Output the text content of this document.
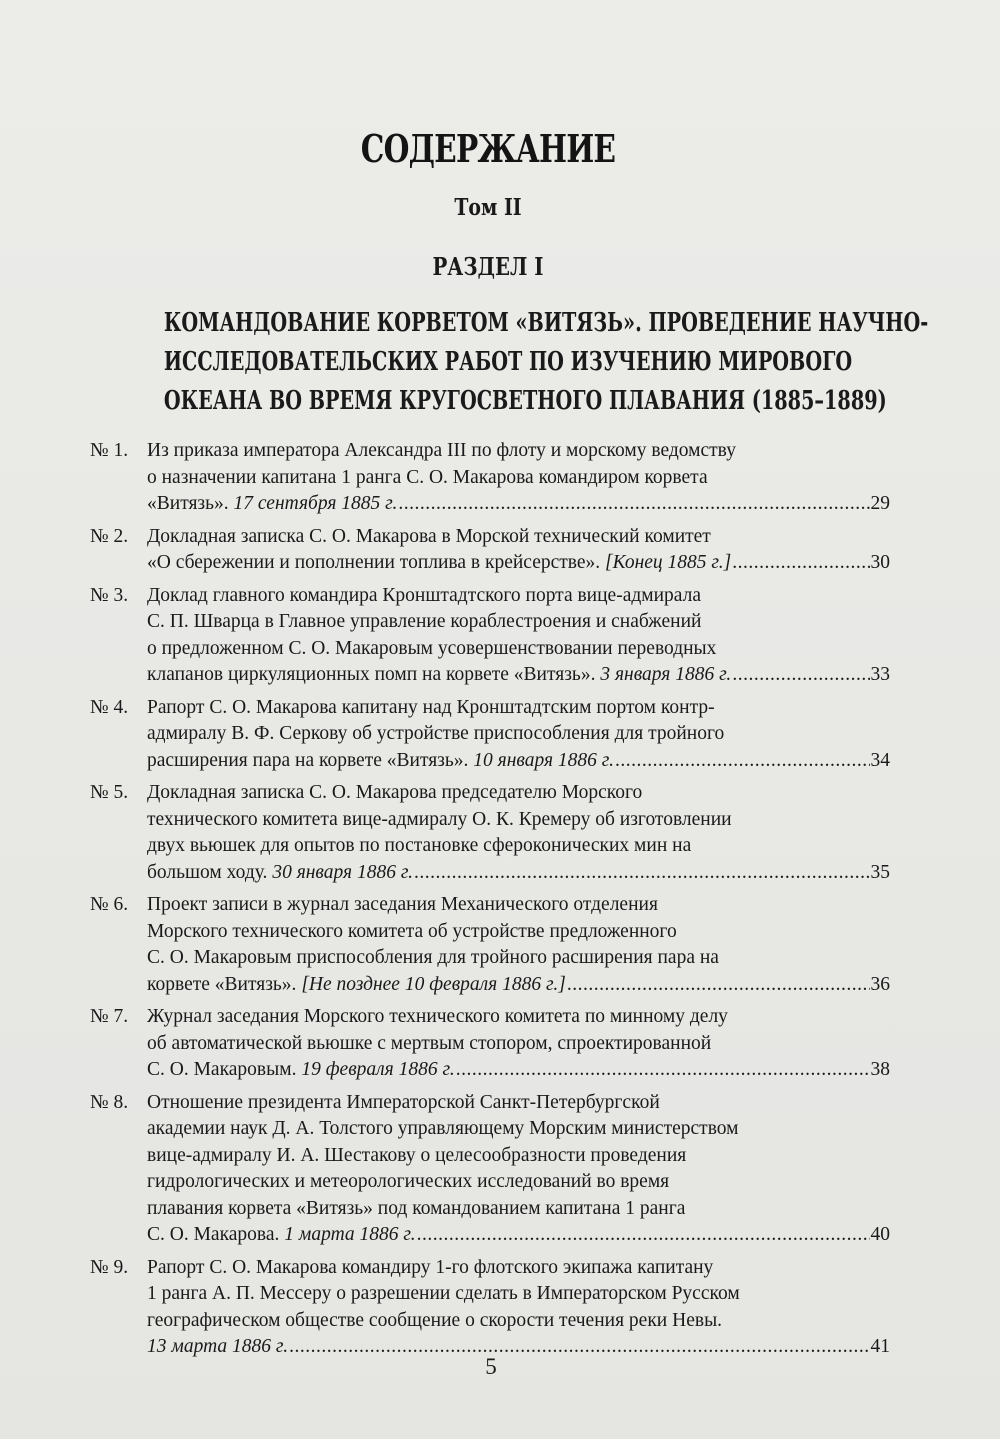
СОДЕРЖАНИЕ
Том II
РАЗДЕЛ I
КОМАНДОВАНИЕ КОРВЕТОМ «ВИТЯЗЬ». ПРОВЕДЕНИЕ НАУЧНО-
ИССЛЕДОВАТЕЛЬСКИХ РАБОТ ПО ИЗУЧЕНИЮ МИРОВОГО
ОКЕАНА ВО ВРЕМЯ КРУГОСВЕТНОГО ПЛАВАНИЯ (1885–1889)
№ 1. Из приказа императора Александра III по флоту и морскому ведомству
о назначении капитана 1 ранга С. О. Макарова командиром корвета
«Витязь». 17 сентября 1885 г. .....	29
№ 2. Докладная записка С. О. Макарова в Морской технический комитет
«О сбережении и пополнении топлива в крейсерстве». [Конец 1885 г.] .....	30
№ 3. Доклад главного командира Кронштадтского порта вице-адмирала
С. П. Шварца в Главное управление кораблестроения и снабжений
о предложенном С. О. Макаровым усовершенствовании переводных
клапанов циркуляционных помп на корвете «Витязь». 3 января 1886 г. .....	33
№ 4. Рапорт С. О. Макарова капитану над Кронштадтским портом контр-
адмиралу В. Ф. Серкову об устройстве приспособления для тройного
расширения пара на корвете «Витязь». 10 января 1886 г. .....	34
№ 5. Докладная записка С. О. Макарова председателю Морского
технического комитета вице-адмиралу О. К. Кремеру об изготовлении
двух вьюшек для опытов по постановке сфероконических мин на
большом ходу. 30 января 1886 г. .....	35
№ 6. Проект записи в журнал заседания Механического отделения
Морского технического комитета об устройстве предложенного
С. О. Макаровым приспособления для тройного расширения пара на
корвете «Витязь». [Не позднее 10 февраля 1886 г.] .....	36
№ 7. Журнал заседания Морского технического комитета по минному делу
об автоматической вьюшке с мертвым стопором, спроектированной
С. О. Макаровым. 19 февраля 1886 г. .....	38
№ 8. Отношение президента Императорской Санкт-Петербургской
академии наук Д. А. Толстого управляющему Морским министерством
вице-адмиралу И. А. Шестакову о целесообразности проведения
гидрологических и метеорологических исследований во время
плавания корвета «Витязь» под командованием капитана 1 ранга
С. О. Макарова. 1 марта 1886 г. .....	40
№ 9. Рапорт С. О. Макарова командиру 1-го флотского экипажа капитану
1 ранга А. П. Мессеру о разрешении сделать в Императорском Русском
географическом обществе сообщение о скорости течения реки Невы.
13 марта 1886 г. .....	41
5
